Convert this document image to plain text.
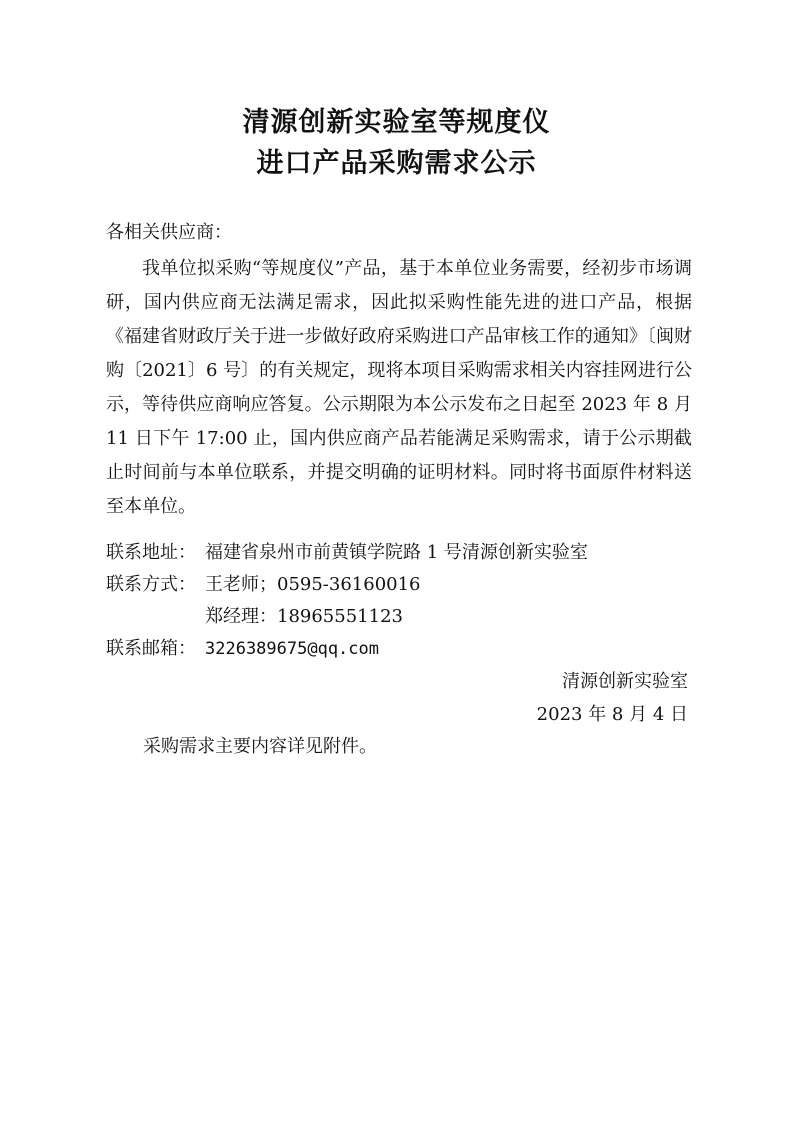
清源创新实验室等规度仪
进口产品采购需求公示

各相关供应商：

我单位拟采购“等规度仪”产品，基于本单位业务需要，经初步市场调研，国内供应商无法满足需求，因此拟采购性能先进的进口产品，根据《福建省财政厅关于进一步做好政府采购进口产品审核工作的通知》〔闽财购〔2021〕6 号〕的有关规定，现将本项目采购需求相关内容挂网进行公示，等待供应商响应答复。公示期限为本公示发布之日起至 2023 年 8 月 11 日下午 17:00 止，国内供应商产品若能满足采购需求，请于公示期截止时间前与本单位联系，并提交明确的证明材料。同时将书面原件材料送至本单位。

联系地址： 福建省泉州市前黄镇学院路 1 号清源创新实验室

联系方式： 王老师；0595-36160016

郑经理：18965551123

联系邮箱： 3226389675@qq.com

清源创新实验室

2023 年 8 月 4 日

采购需求主要内容详见附件。
